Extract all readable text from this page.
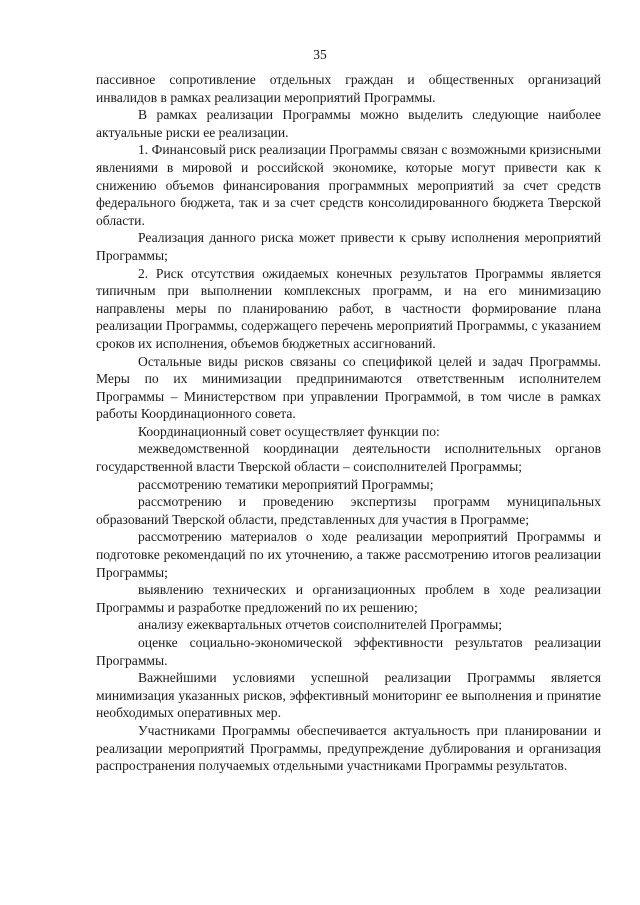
35

пассивное сопротивление отдельных граждан и общественных организаций инвалидов в рамках реализации мероприятий Программы.

В рамках реализации Программы можно выделить следующие наиболее актуальные риски ее реализации.

1. Финансовый риск реализации Программы связан с возможными кризисными явлениями в мировой и российской экономике, которые могут привести как к снижению объемов финансирования программных мероприятий за счет средств федерального бюджета, так и за счет средств консолидированного бюджета Тверской области.

Реализация данного риска может привести к срыву исполнения мероприятий Программы;

2. Риск отсутствия ожидаемых конечных результатов Программы является типичным при выполнении комплексных программ, и на его минимизацию направлены меры по планированию работ, в частности формирование плана реализации Программы, содержащего перечень мероприятий Программы, с указанием сроков их исполнения, объемов бюджетных ассигнований.

Остальные виды рисков связаны со спецификой целей и задач Программы. Меры по их минимизации предпринимаются ответственным исполнителем Программы – Министерством при управлении Программой, в том числе в рамках работы Координационного совета.

Координационный совет осуществляет функции по:

межведомственной координации деятельности исполнительных органов государственной власти Тверской области – соисполнителей Программы;

рассмотрению тематики мероприятий Программы;

рассмотрению и проведению экспертизы программ муниципальных образований Тверской области, представленных для участия в Программе;

рассмотрению материалов о ходе реализации мероприятий Программы и подготовке рекомендаций по их уточнению, а также рассмотрению итогов реализации Программы;

выявлению технических и организационных проблем в ходе реализации Программы и разработке предложений по их решению;

анализу ежеквартальных отчетов соисполнителей Программы;

оценке социально-экономической эффективности результатов реализации Программы.

Важнейшими условиями успешной реализации Программы является минимизация указанных рисков, эффективный мониторинг ее выполнения и принятие необходимых оперативных мер.

Участниками Программы обеспечивается актуальность при планировании и реализации мероприятий Программы, предупреждение дублирования и организация распространения получаемых отдельными участниками Программы результатов.
